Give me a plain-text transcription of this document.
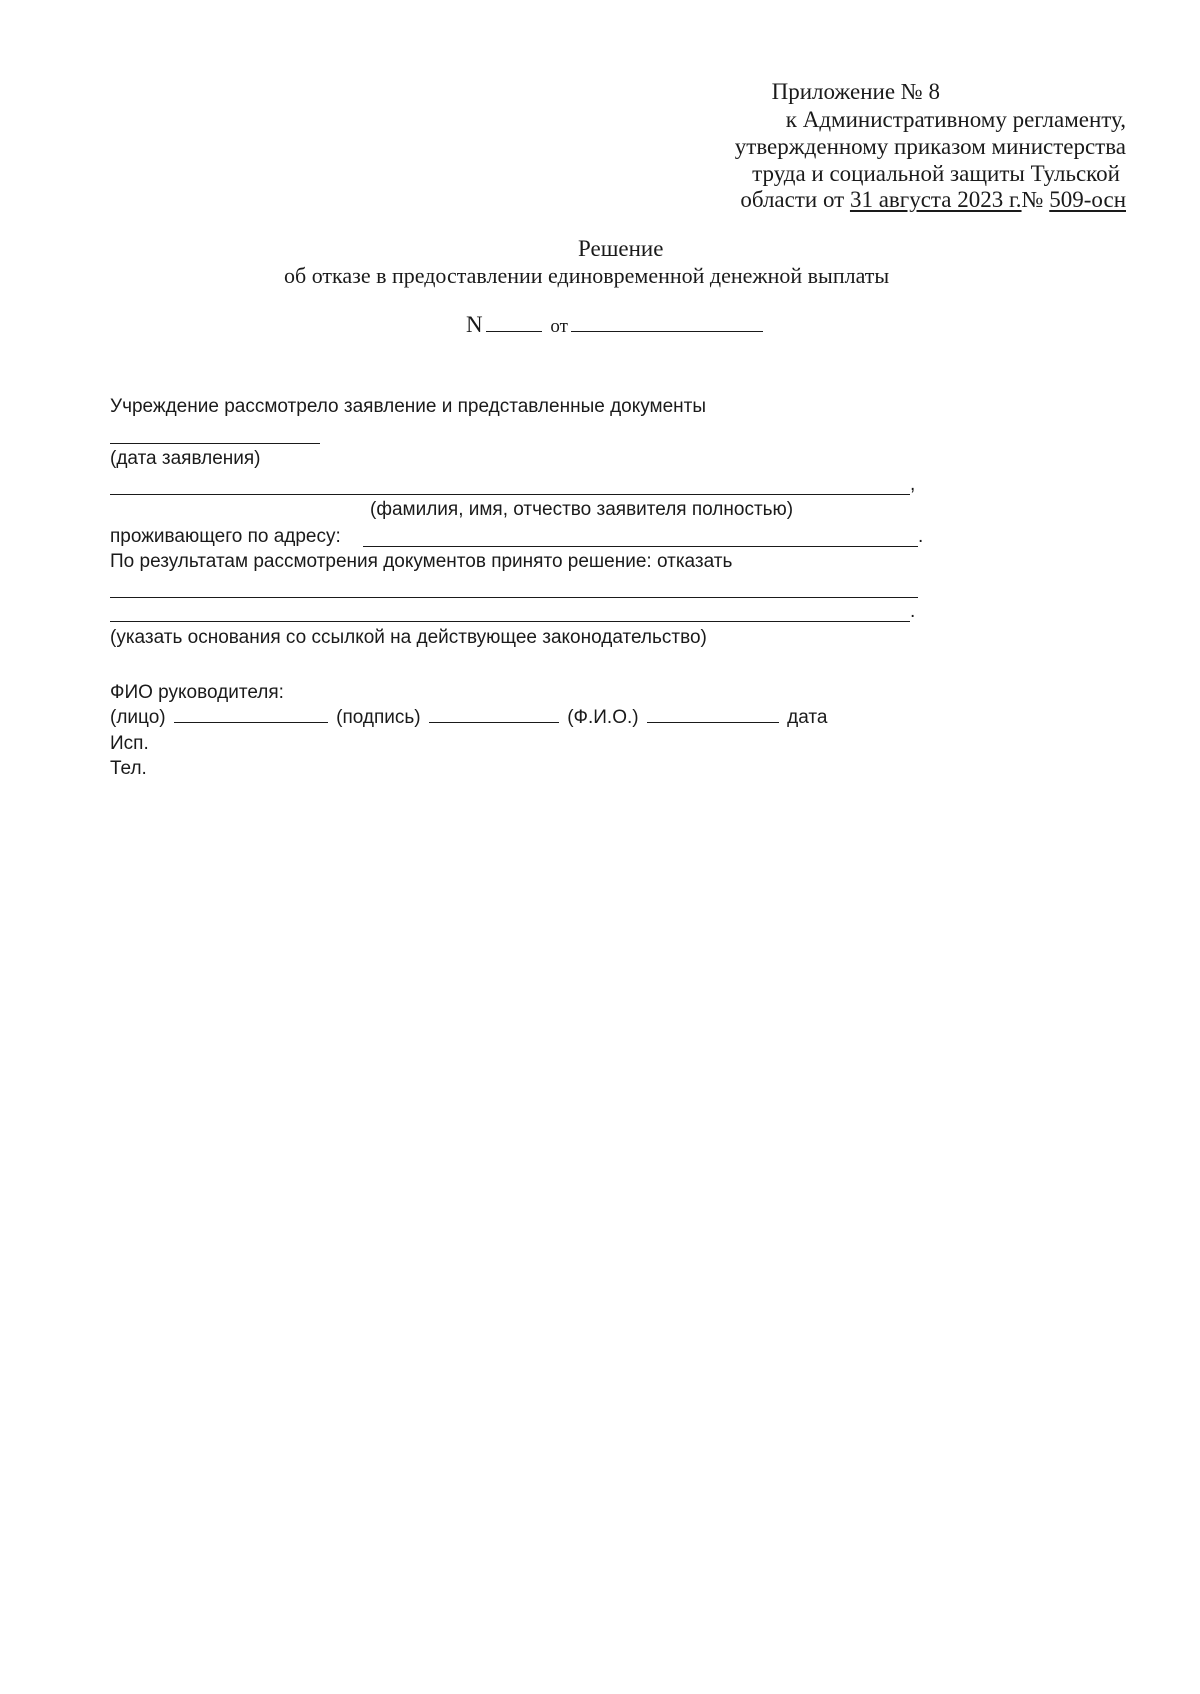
Приложение № 8
к Административному регламенту,
утвержденному приказом министерства
труда и социальной защиты Тульской
области от 31 августа 2023 г.№ 509-осн
Решение
об отказе в предоставлении единовременной денежной выплаты
N	от
Учреждение рассмотрело заявление и представленные документы
(дата заявления)
,
(фамилия, имя, отчество заявителя полностью)
проживающего по адресу:	.
По результатам рассмотрения документов принято решение: отказать
.
(указать основания со ссылкой на действующее законодательство)
ФИО руководителя:
(лицо)	(подпись)	(Ф.И.О.)	дата
Исп.
Тел.
